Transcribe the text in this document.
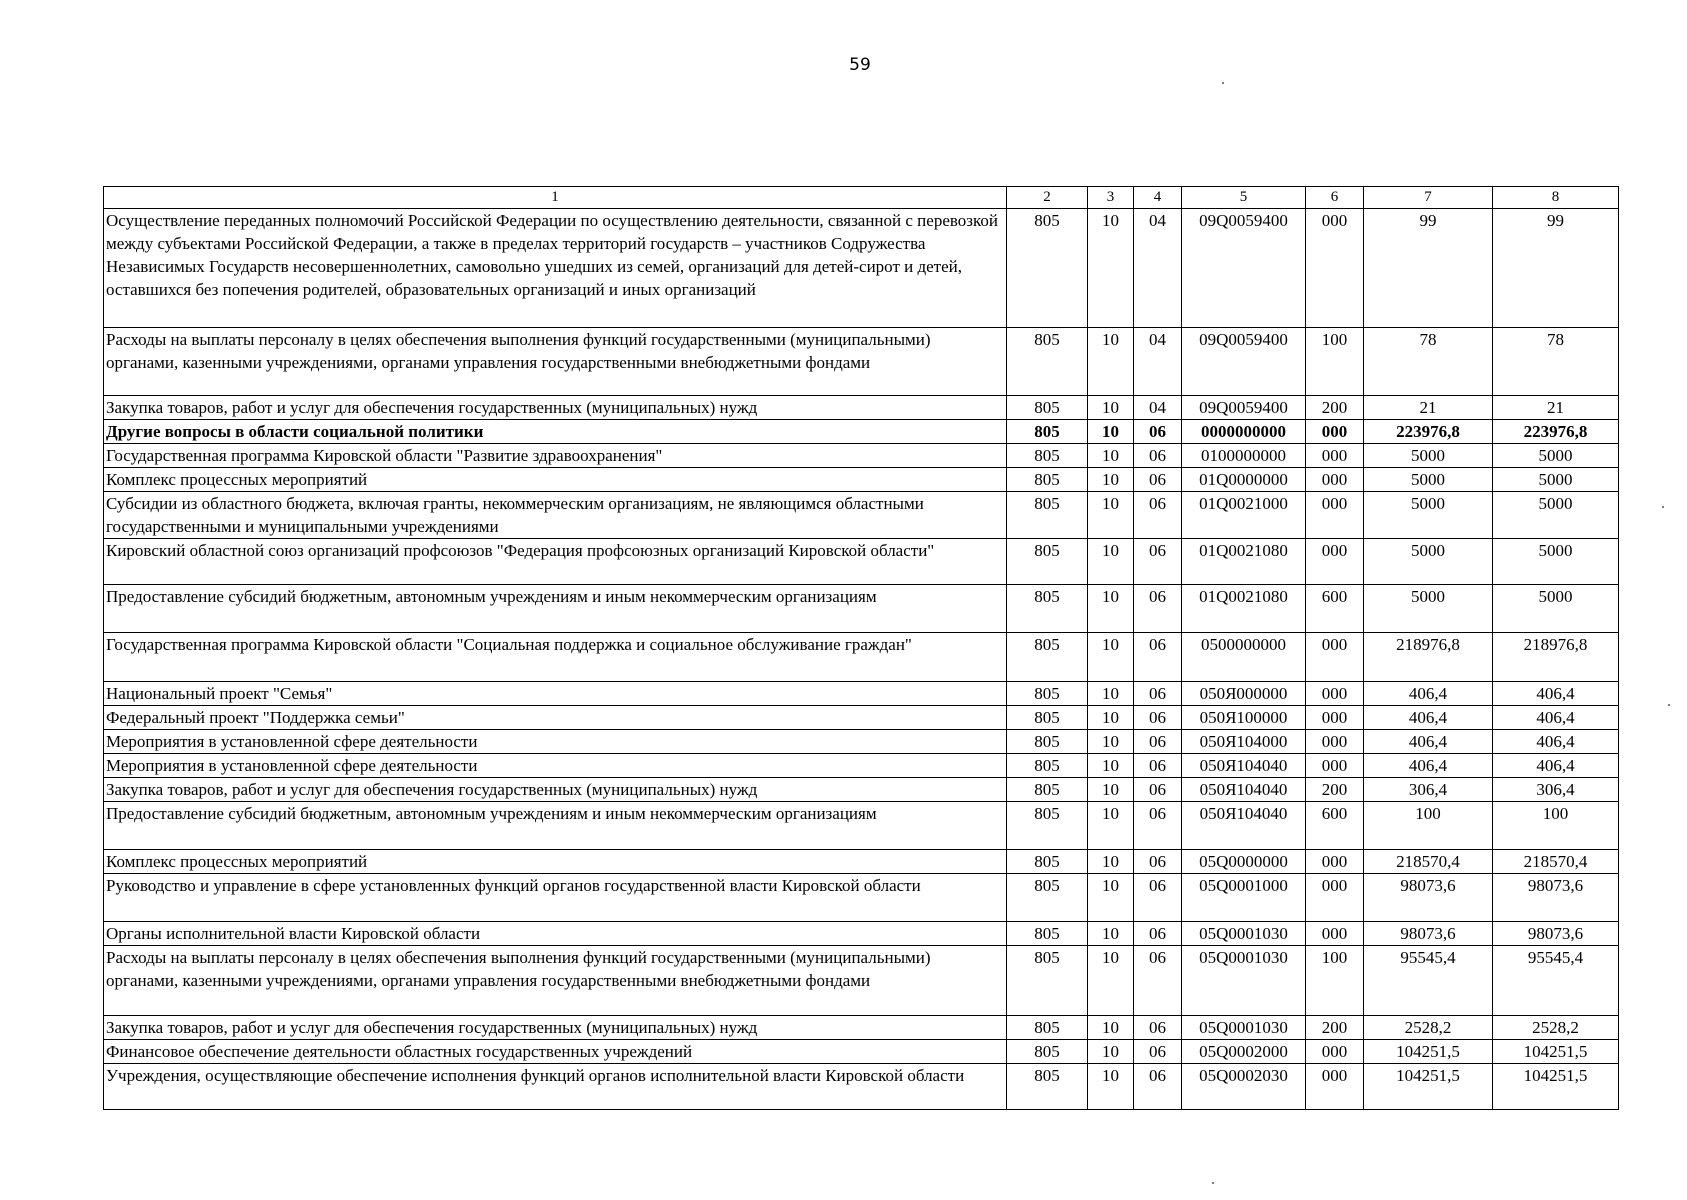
59
1	2	3	4	5	6	7	8
Осуществление переданных полномочий Российской Федерации по осуществлению деятельности, связанной с перевозкой между субъектами Российской Федерации, а также в пределах территорий государств – участников Содружества Независимых Государств несовершеннолетних, самовольно ушедших из семей, организаций для детей-сирот и детей, оставшихся без попечения родителей, образовательных организаций и иных организаций	805	10	04	09Q0059400	000	99	99
Расходы на выплаты персоналу в целях обеспечения выполнения функций государственными (муниципальными) органами, казенными учреждениями, органами управления государственными внебюджетными фондами	805	10	04	09Q0059400	100	78	78
Закупка товаров, работ и услуг для обеспечения государственных (муниципальных) нужд	805	10	04	09Q0059400	200	21	21
Другие вопросы в области социальной политики	805	10	06	0000000000	000	223976,8	223976,8
Государственная программа Кировской области "Развитие здравоохранения"	805	10	06	0100000000	000	5000	5000
Комплекс процессных мероприятий	805	10	06	01Q0000000	000	5000	5000
Субсидии из областного бюджета, включая гранты, некоммерческим организациям, не являющимся областными государственными и муниципальными учреждениями	805	10	06	01Q0021000	000	5000	5000
Кировский областной союз организаций профсоюзов "Федерация профсоюзных организаций Кировской области"	805	10	06	01Q0021080	000	5000	5000
Предоставление субсидий бюджетным, автономным учреждениям и иным некоммерческим организациям	805	10	06	01Q0021080	600	5000	5000
Государственная программа Кировской области "Социальная поддержка и социальное обслуживание граждан"	805	10	06	0500000000	000	218976,8	218976,8
Национальный проект "Семья"	805	10	06	050Я000000	000	406,4	406,4
Федеральный проект "Поддержка семьи"	805	10	06	050Я100000	000	406,4	406,4
Мероприятия в установленной сфере деятельности	805	10	06	050Я104000	000	406,4	406,4
Мероприятия в установленной сфере деятельности	805	10	06	050Я104040	000	406,4	406,4
Закупка товаров, работ и услуг для обеспечения государственных (муниципальных) нужд	805	10	06	050Я104040	200	306,4	306,4
Предоставление субсидий бюджетным, автономным учреждениям и иным некоммерческим организациям	805	10	06	050Я104040	600	100	100
Комплекс процессных мероприятий	805	10	06	05Q0000000	000	218570,4	218570,4
Руководство и управление в сфере установленных функций органов государственной власти Кировской области	805	10	06	05Q0001000	000	98073,6	98073,6
Органы исполнительной власти Кировской области	805	10	06	05Q0001030	000	98073,6	98073,6
Расходы на выплаты персоналу в целях обеспечения выполнения функций государственными (муниципальными) органами, казенными учреждениями, органами управления государственными внебюджетными фондами	805	10	06	05Q0001030	100	95545,4	95545,4
Закупка товаров, работ и услуг для обеспечения государственных (муниципальных) нужд	805	10	06	05Q0001030	200	2528,2	2528,2
Финансовое обеспечение деятельности областных государственных учреждений	805	10	06	05Q0002000	000	104251,5	104251,5
Учреждения, осуществляющие обеспечение исполнения функций органов исполнительной власти Кировской области	805	10	06	05Q0002030	000	104251,5	104251,5
